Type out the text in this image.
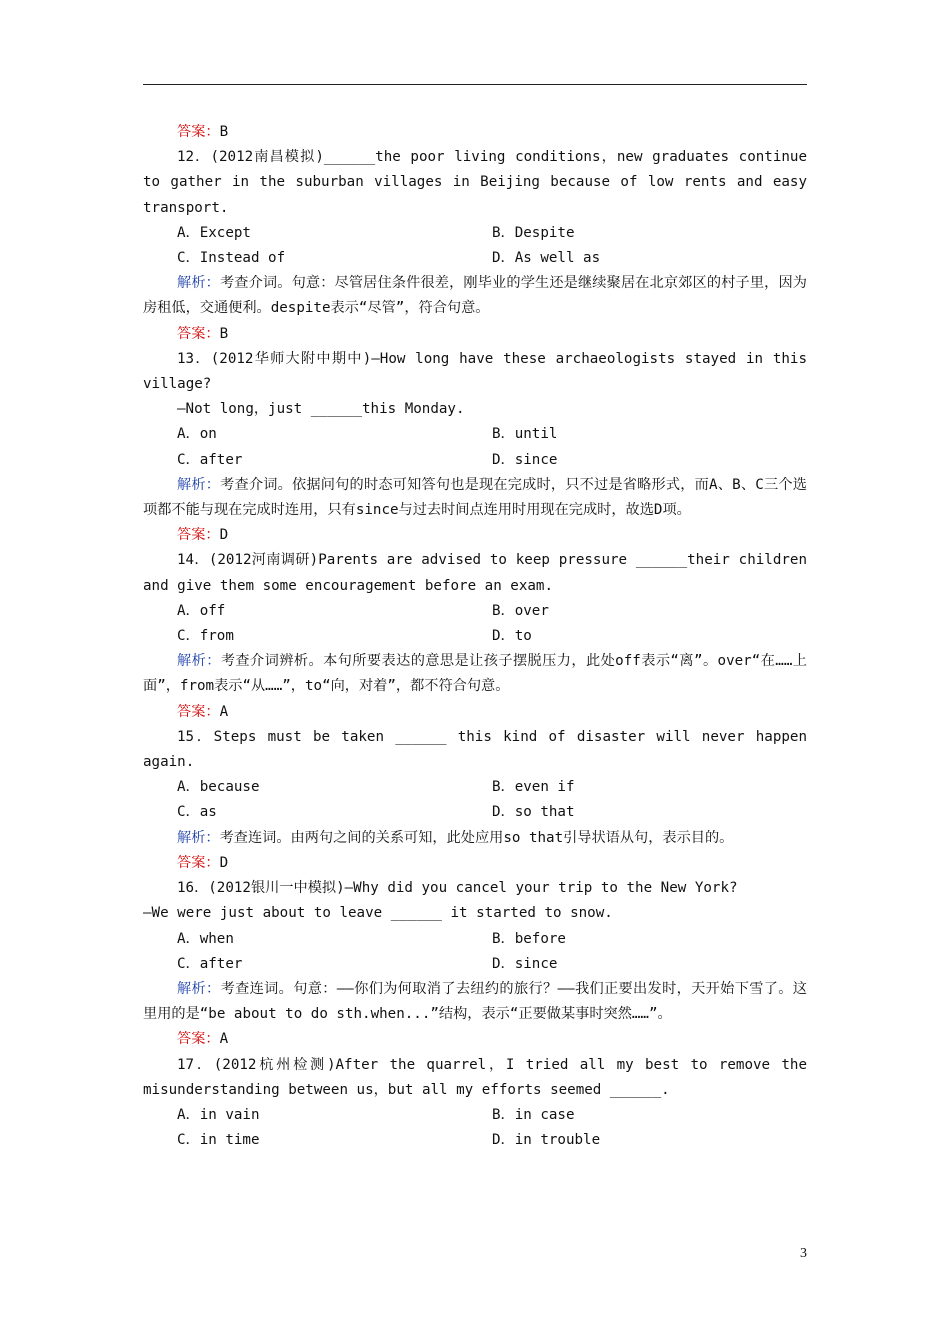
答案：B

12．(2012南昌模拟)______the poor living conditions，new graduates continue to gather in the suburban villages in Beijing because of low rents and easy transport.

A．Except	B．Despite
C．Instead of	D．As well as

解析：考查介词。句意：尽管居住条件很差，刚毕业的学生还是继续聚居在北京郊区的村子里，因为房租低，交通便利。despite表示“尽管”，符合句意。

答案：B

13．(2012华师大附中期中)—How long have these archaeologists stayed in this village?

—Not long，just ______this Monday.

A．on	B．until
C．after	D．since

解析：考查介词。依据问句的时态可知答句也是现在完成时，只不过是省略形式，而A、B、C三个选项都不能与现在完成时连用，只有since与过去时间点连用时用现在完成时，故选D项。

答案：D

14．(2012河南调研)Parents are advised to keep pressure ______their children and give them some encouragement before an exam.

A．off	B．over
C．from	D．to

解析：考查介词辨析。本句所要表达的意思是让孩子摆脱压力，此处off表示“离”。over“在……上面”，from表示“从……”，to“向，对着”，都不符合句意。

答案：A

15．Steps must be taken ______ this kind of disaster will never happen again.

A．because	B．even if
C．as	D．so that

解析：考查连词。由两句之间的关系可知，此处应用so that引导状语从句，表示目的。

答案：D

16．(2012银川一中模拟)—Why did you cancel your trip to the New York?

—We were just about to leave ______ it started to snow.

A．when	B．before
C．after	D．since

解析：考查连词。句意：——你们为何取消了去纽约的旅行？——我们正要出发时，天开始下雪了。这里用的是“be about to do sth.when...”结构，表示“正要做某事时突然……”。

答案：A

17．(2012杭州检测)After the quarrel，I tried all my best to remove the misunderstanding between us，but all my efforts seemed ______.

A．in vain	B．in case
C．in time	D．in trouble
3
